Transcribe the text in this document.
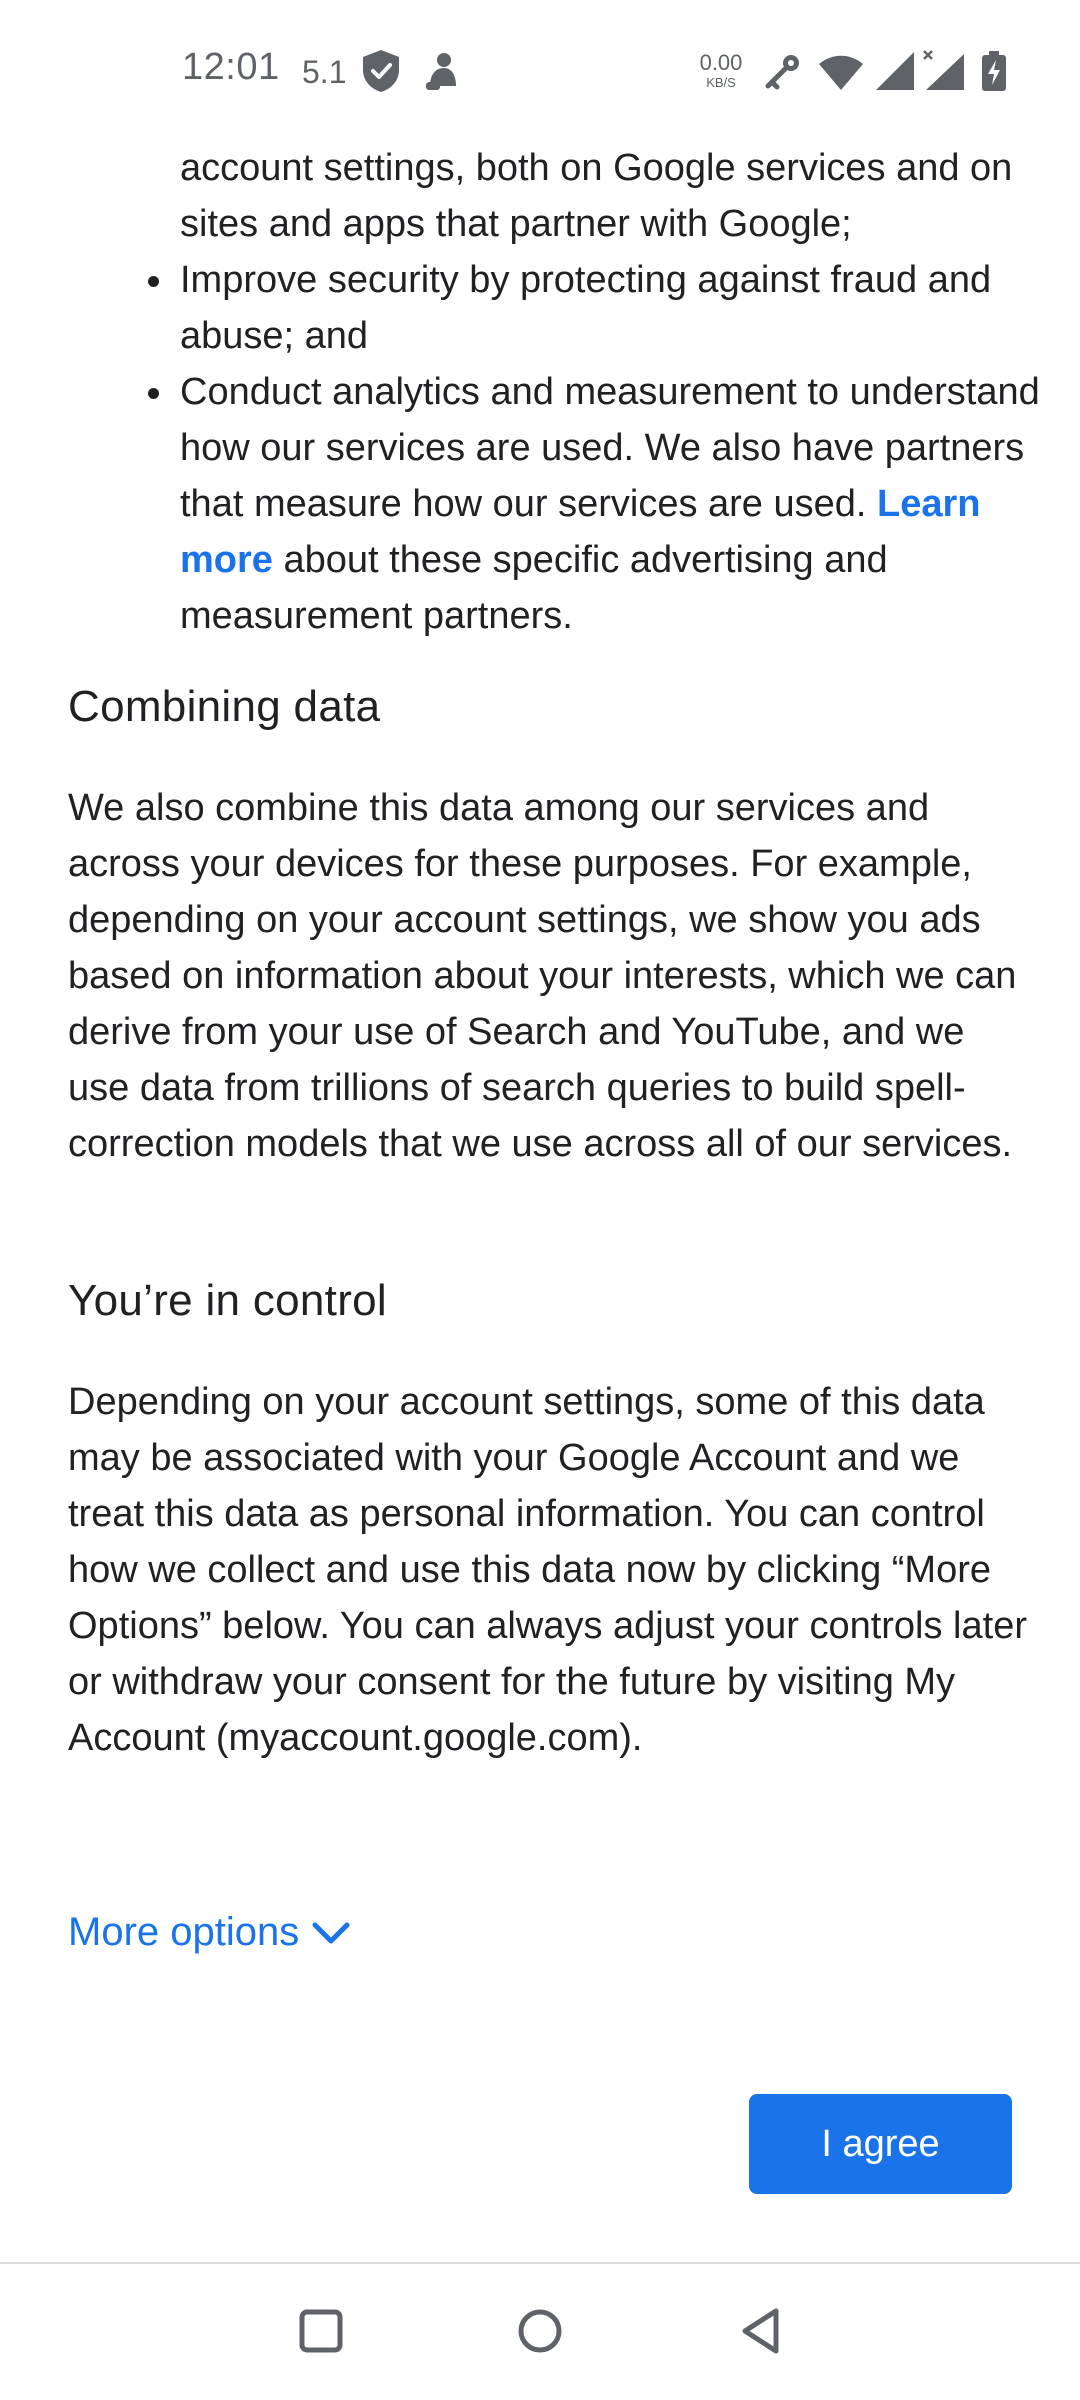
12:01 5.1	0.00
KB/S

account settings, both on Google services and on sites and apps that partner with Google;

Improve security by protecting against fraud and abuse; and
Conduct analytics and measurement to understand how our services are used. We also have partners that measure how our services are used. Learn more about these specific advertising and measurement partners.
Combining data

We also combine this data among our services and across your devices for these purposes. For example, depending on your account settings, we show you ads based on information about your interests, which we can derive from your use of Search and YouTube, and we use data from trillions of search queries to build spell-correction models that we use across all of our services.

You’re in control

Depending on your account settings, some of this data may be associated with your Google Account and we treat this data as personal information. You can control how we collect and use this data now by clicking “More Options” below. You can always adjust your controls later or withdraw your consent for the future by visiting My Account (myaccount.google.com).

More options
I agree
